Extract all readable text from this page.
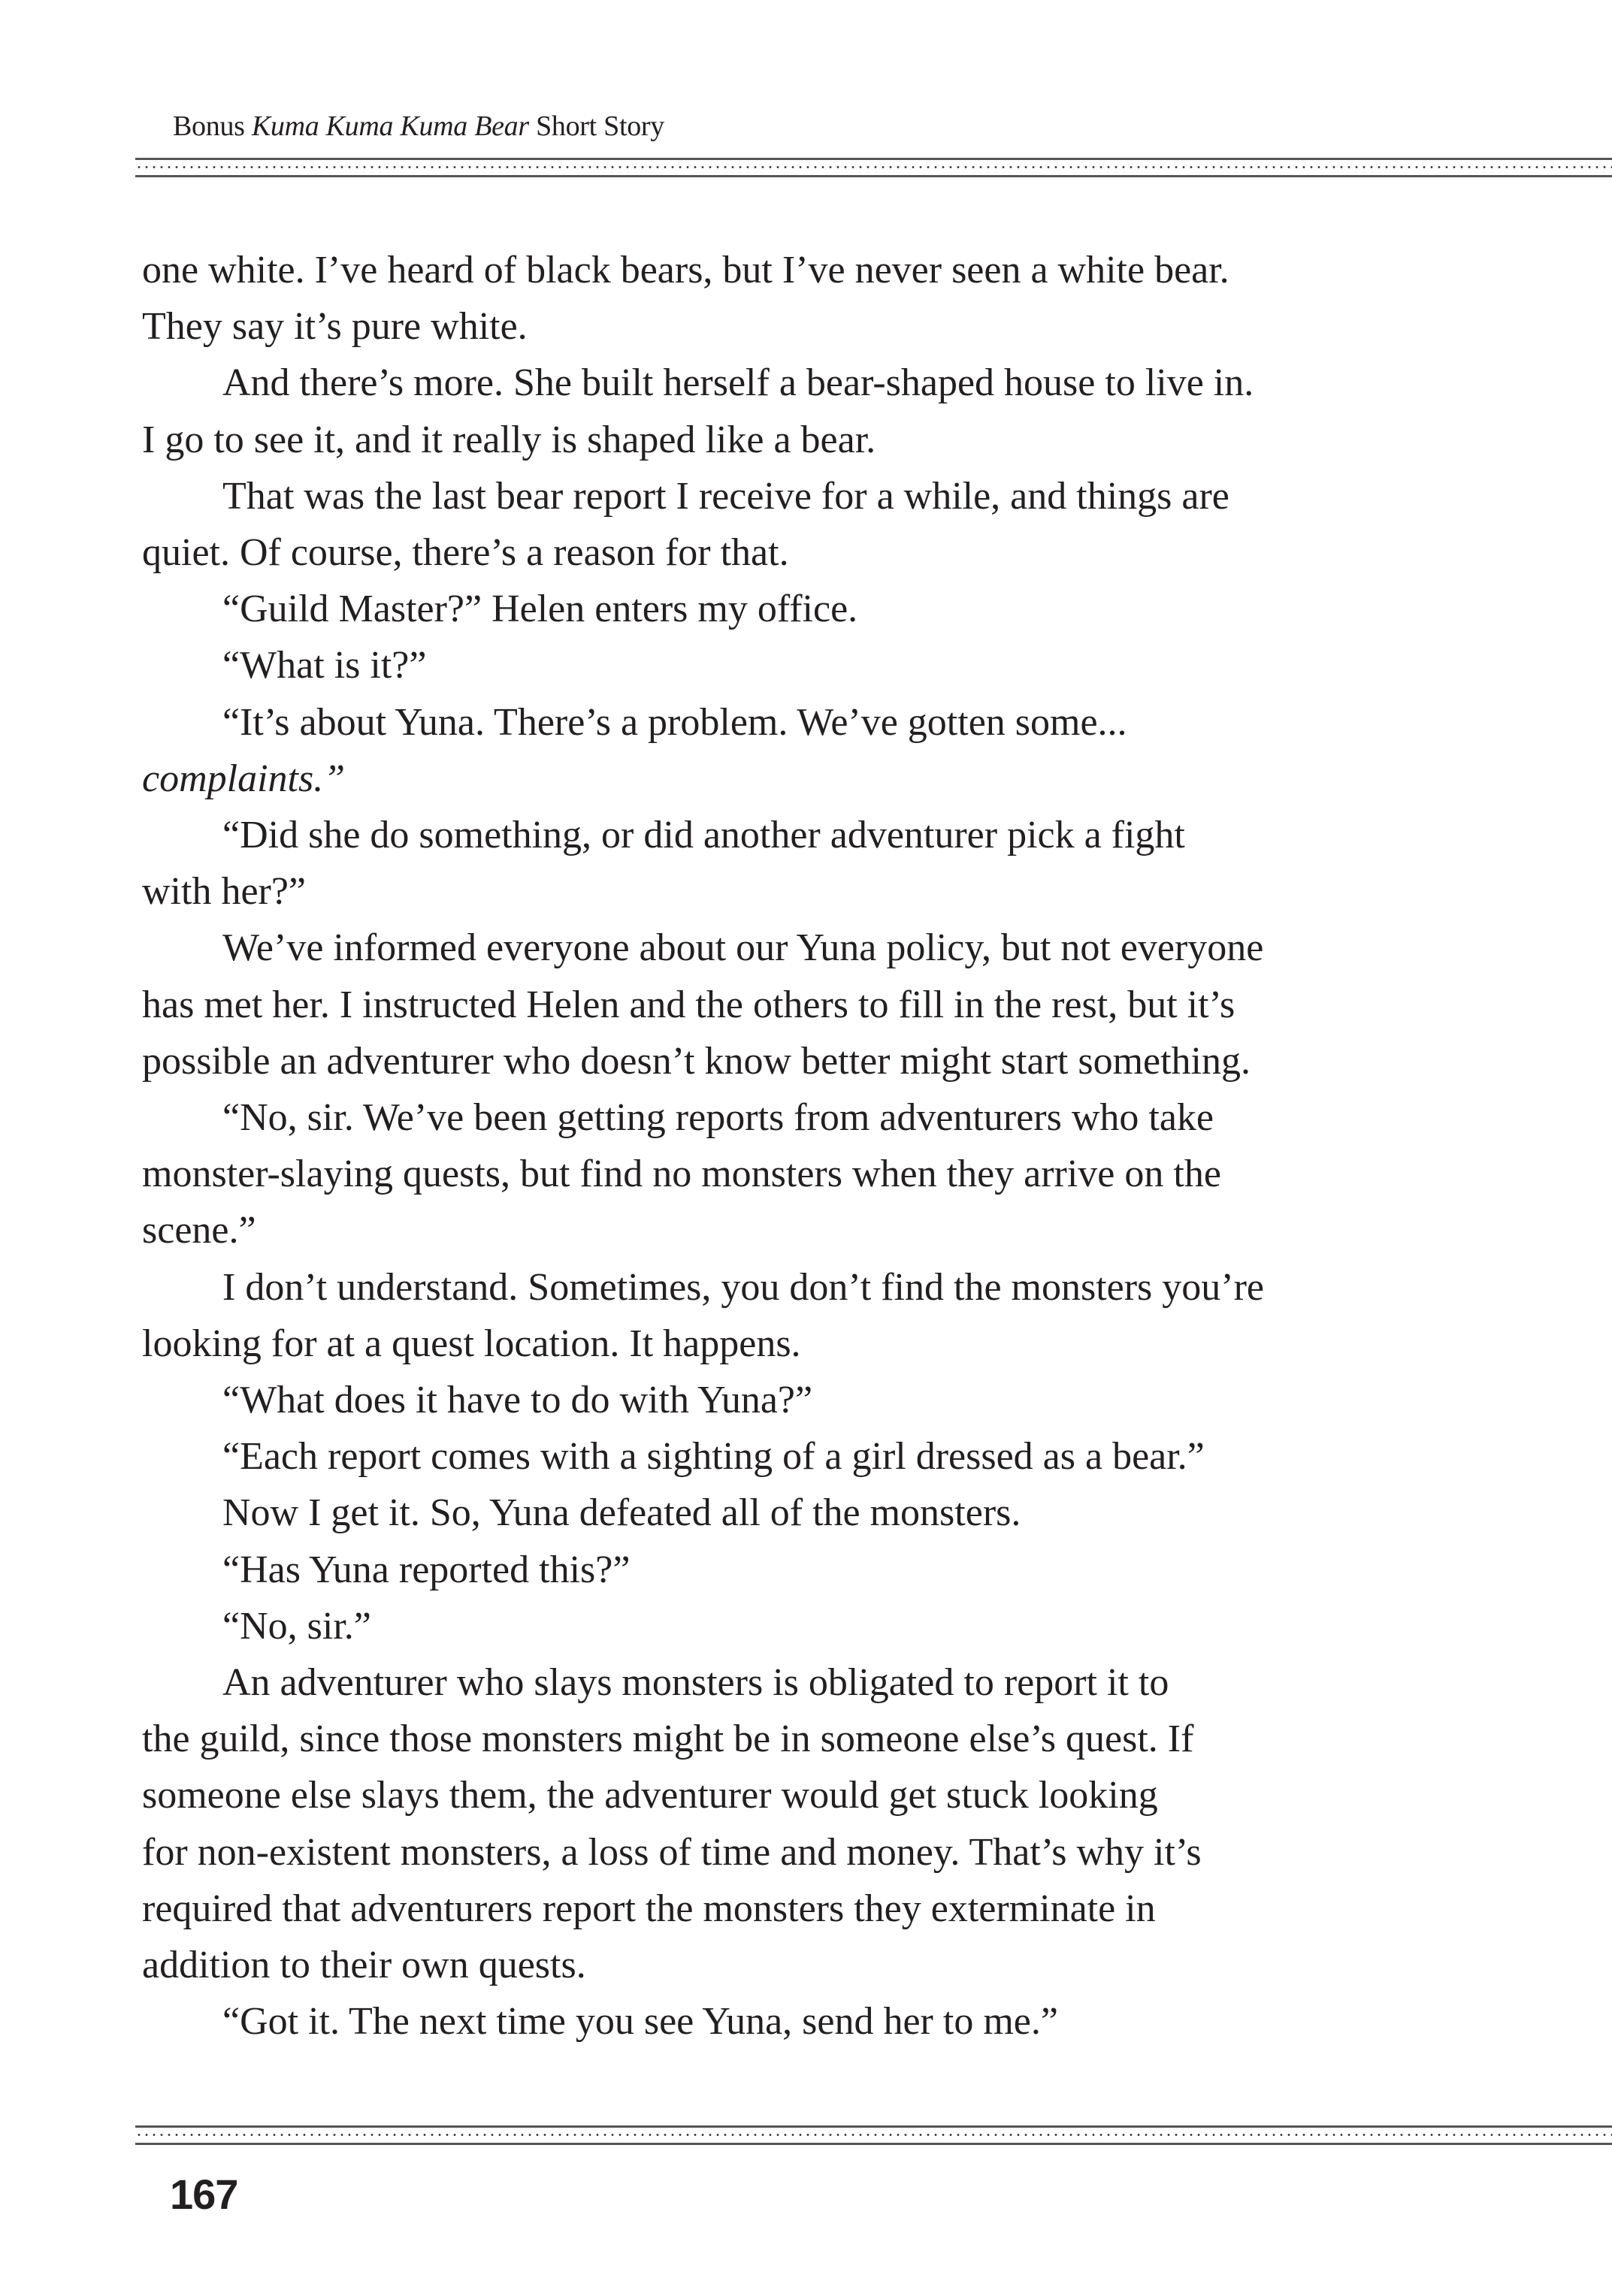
Bonus Kuma Kuma Kuma Bear Short Story
one white. I’ve heard of black bears, but I’ve never seen a white bear.
They say it’s pure white.
And there’s more. She built herself a bear-shaped house to live in.
I go to see it, and it really is shaped like a bear.
That was the last bear report I receive for a while, and things are
quiet. Of course, there’s a reason for that.
“Guild Master?” Helen enters my office.
“What is it?”
“It’s about Yuna. There’s a problem. We’ve gotten some...
complaints.”
“Did she do something, or did another adventurer pick a fight
with her?”
We’ve informed everyone about our Yuna policy, but not everyone
has met her. I instructed Helen and the others to fill in the rest, but it’s
possible an adventurer who doesn’t know better might start something.
“No, sir. We’ve been getting reports from adventurers who take
monster-slaying quests, but find no monsters when they arrive on the
scene.”
I don’t understand. Sometimes, you don’t find the monsters you’re
looking for at a quest location. It happens.
“What does it have to do with Yuna?”
“Each report comes with a sighting of a girl dressed as a bear.”
Now I get it. So, Yuna defeated all of the monsters.
“Has Yuna reported this?”
“No, sir.”
An adventurer who slays monsters is obligated to report it to
the guild, since those monsters might be in someone else’s quest. If
someone else slays them, the adventurer would get stuck looking
for non-existent monsters, a loss of time and money. That’s why it’s
required that adventurers report the monsters they exterminate in
addition to their own quests.
“Got it. The next time you see Yuna, send her to me.”
167
